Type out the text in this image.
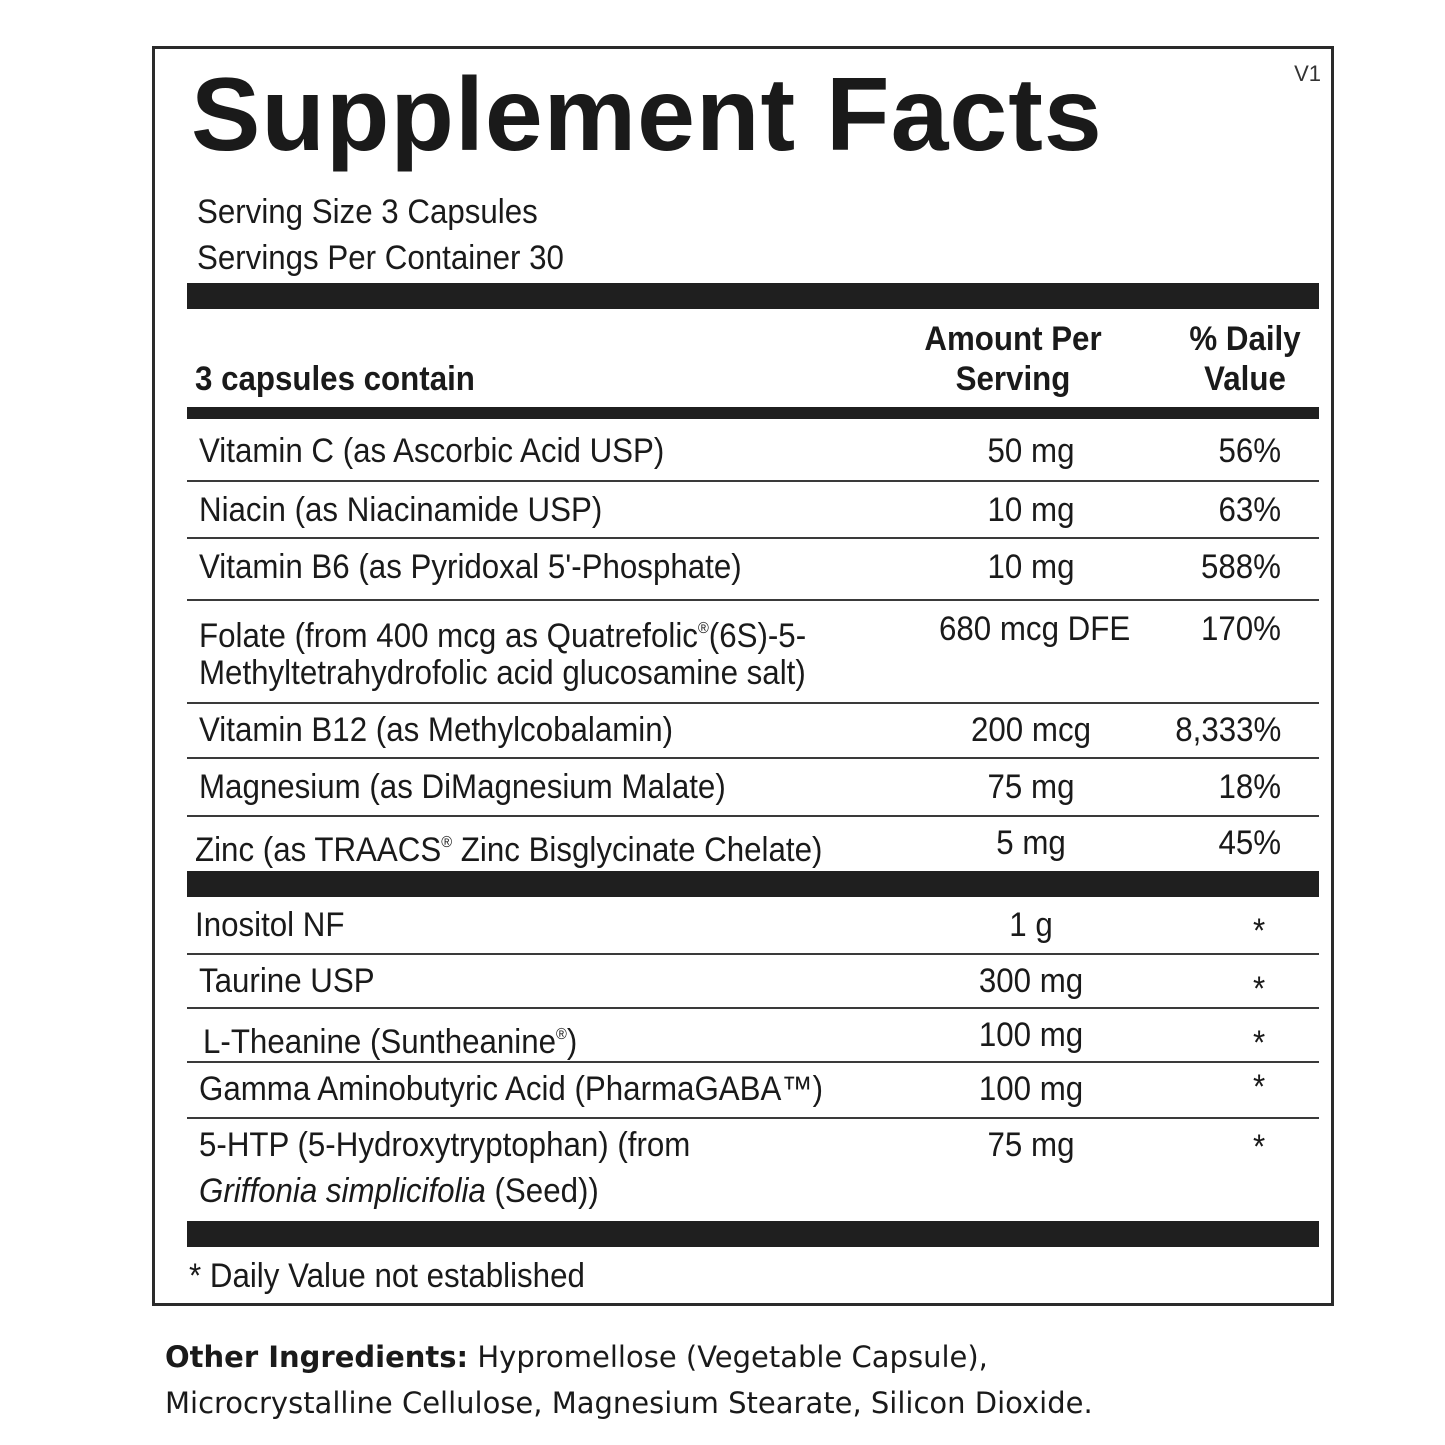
V1
Supplement Facts
Serving Size 3 Capsules
Servings Per Container 30
3 capsules contain
Amount Per
Serving
% Daily
Value
Vitamin C (as Ascorbic Acid USP)	50 mg	56%
Niacin (as Niacinamide USP)	10 mg	63%
Vitamin B6 (as Pyridoxal 5'-Phosphate)	10 mg	588%
Folate (from 400 mcg as Quatrefolic®(6S)-5-
Methyltetrahydrofolic acid glucosamine salt)
680 mcg DFE 170%
Vitamin B12 (as Methylcobalamin)	200 mcg	8,333%
Magnesium (as DiMagnesium Malate)	75 mg	18%
Zinc (as TRAACS® Zinc Bisglycinate Chelate)	5 mg	45%
Inositol NF	1 g	*
Taurine USP	300 mg	*
L-Theanine (Suntheanine®)	100 mg	*
Gamma Aminobutyric Acid (PharmaGABA™)	100 mg	*
5-HTP (5-Hydroxytryptophan) (from
Griffonia simplicifolia (Seed))
75 mg	*
* Daily Value not established
Other Ingredients: Hypromellose (Vegetable Capsule),
Microcrystalline Cellulose, Magnesium Stearate, Silicon Dioxide.
